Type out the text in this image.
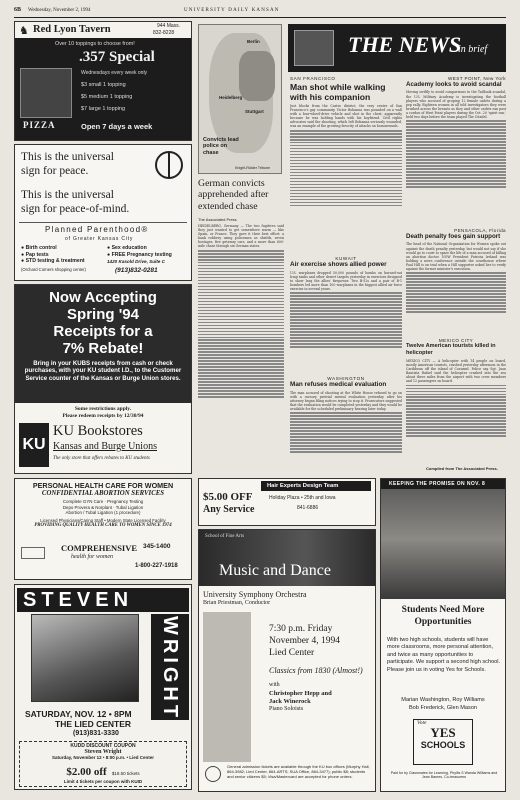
6B Wednesday, November 2, 1994	UNIVERSITY DAILY KANSAN
♞ Red Lyon Tavern	944 Mass.
832-8228
Over 10 toppings to choose from!
.357 Special
Wednesdays every week only
$3 small 1 topping
$5 medium 1 topping
$7 large 1 topping
PIZZA	Open 7 days a week
This is the universal
sign for peace.
This is the universal
sign for peace-of-mind.
Planned Parenthood®
of Greater Kansas City
● Birth control
● Pap tests
● STD testing & treatment
● Sex education
● FREE Pregnancy testing
1420 Kasold Drive, Suite C
(Orchard Corners shopping center)	(913)832-0281
Now Accepting
Spring '94
Receipts for a
7% Rebate!
Bring in your KUBS receipts from cash or check purchases, with your KU student I.D., to the Customer Service counter of the Kansas or Burge Union stores.
Some restrictions apply.
Please redeem receipts by 12/30/94
KU
KU Bookstores
Kansas and Burge Unions
The only store that offers rebates to KU students
PERSONAL HEALTH CARE FOR WOMEN
CONFIDENTIAL ABORTION SERVICES
Complete GYN Care · Pregnancy Testing
Depo Provera & Norplant · Tubal Ligation
Abortion / Tubal Ligation (1 procedure)
Licensed Physicians/Caring Staff • Modern State Licensed Facility
PROVIDING QUALITY HEALTH CARE TO WOMEN SINCE 1974
COMPREHENSIVE
health for women
345-1400
1-800-227-1918
STEVEN
WRIGHT
SATURDAY, NOV. 12 • 8PM
THE LIED CENTER
(913)831-3330
KUDD DISCOUNT COUPON
Steven Wright
Saturday, November 12 • 8:00 p.m. • Lied Center
$2.00 off $18.50 tickets
Limit 4 tickets per coupon with KUID
Berlin
Stuttgart
Heidelberg
Convicts lead police on chase
Knight-Ridder Tribune
German convicts apprehended after extended chase
The Associated Press
HEIDELBERG, Germany — The two fugitives said they just wanted to get somewhere warm — like Spain, or France. They gave it their best effort: a bank robbery using policemen as shields, seven hostages, five getaway cars, and a more than 600-mile chase through six German states.
THE NEWS
in brief
SAN FRANCISCO
Man shot while walking with his companion
Just blocks from the Castro district, the very center of San Francisco's gay community, Victor Bohanna was pounded on a wall with a four-wheel-drive vehicle and shot in the chest, apparently because he was holding hands with his boyfriend. Civil rights advocates said the shooting, which left Bohanna seriously wounded, was an example of the growing ferocity of attacks on homosexuals.
KUWAIT
Air exercise shows allied power
U.S. warplanes dropped 50,000 pounds of bombs on burned-out Iraqi tanks and other desert targets yesterday in exercises designed to show Iraq the allies' firepower. Two B-52s and a pair of B-1 bombers led more than 100 warplanes in the biggest allied air force exercise in several years.
WASHINGTON
Man refuses medical evaluation
The man accused of shooting at the White House refused to go on with a cursory pretrial mental evaluation yesterday after his attorney began filing notices trying to stop it. Prosecutors suggested that the evaluation would be completed yesterday and they would be available for the scheduled preliminary hearing later today.
WEST POINT, New York
Academy looks to avoid scandal
Moving swiftly to avoid comparisons to the Tailhook scandal, the U.S. Military Academy is investigating the football players who accused of groping 12 female cadets during a pep rally. Eighteen women in all told investigators they were brushed across the breasts as they and other cadets ran past a cordon of West Point players during the Oct. 20 'spirit run,' held two days before the team played The Citadel.
PENSACOLA, Florida
Death penalty foes gain support
The head of the National Organization for Women spoke out against the death penalty yesterday, but would not say if she would go to court to spare the life of a man accused of killing an abortion doctor. NOW President Patricia Ireland was holding a news conference outside the courthouse where Paul Hill is on trial when a Hill supporter asked her to verify against the former minister's execution.
MEXICO CITY
Twelve American tourists killed in helicopter
MEXICO CITY — A helicopter with 14 people on board, mostly American tourists, crashed yesterday afternoon in the Caribbean off the island of Cozumel. Police say Sgt. Juan Bautista Rafael said the helicopter crashed into the sea about three miles from the airport with two crew members and 12 passengers on board.
Compiled from The Associated Press.
Hair Experts Design Team
$5.00 OFF
Any Service
Holiday Plaza • 25th and Iowa
841-6886
School of Fine Arts
Music and Dance
University Symphony Orchestra
Brian Priestman, Conductor
7:30 p.m. Friday
November 4, 1994
Lied Center
Classics from 1830 (Almost!)
with
Christopher Hepp and
Jack Winerock
Piano Soloists
General admission tickets are available through the KU box offices (Murphy Hall, 864-3982; Lied Center, 864-ARTS; SUA Office, 864-3477); public $8; students and senior citizens $5; Visa/Mastercard are accepted for phone orders.
KEEPING THE PROMISE ON NOV. 8
Students Need More
Opportunities
With two high schools, students will have more classrooms, more personal attention, and twice as many opportunities to participate. We support a second high school. Please join us in voting Yes for Schools.
Marian Washington, Roy Williams
Bob Frederick, Glen Mason
Vote
YES
SCHOOLS
Paid for by Classmates for Learning, Phyllis S Wanda Williams and Jean Barnes, Co-treasurers
